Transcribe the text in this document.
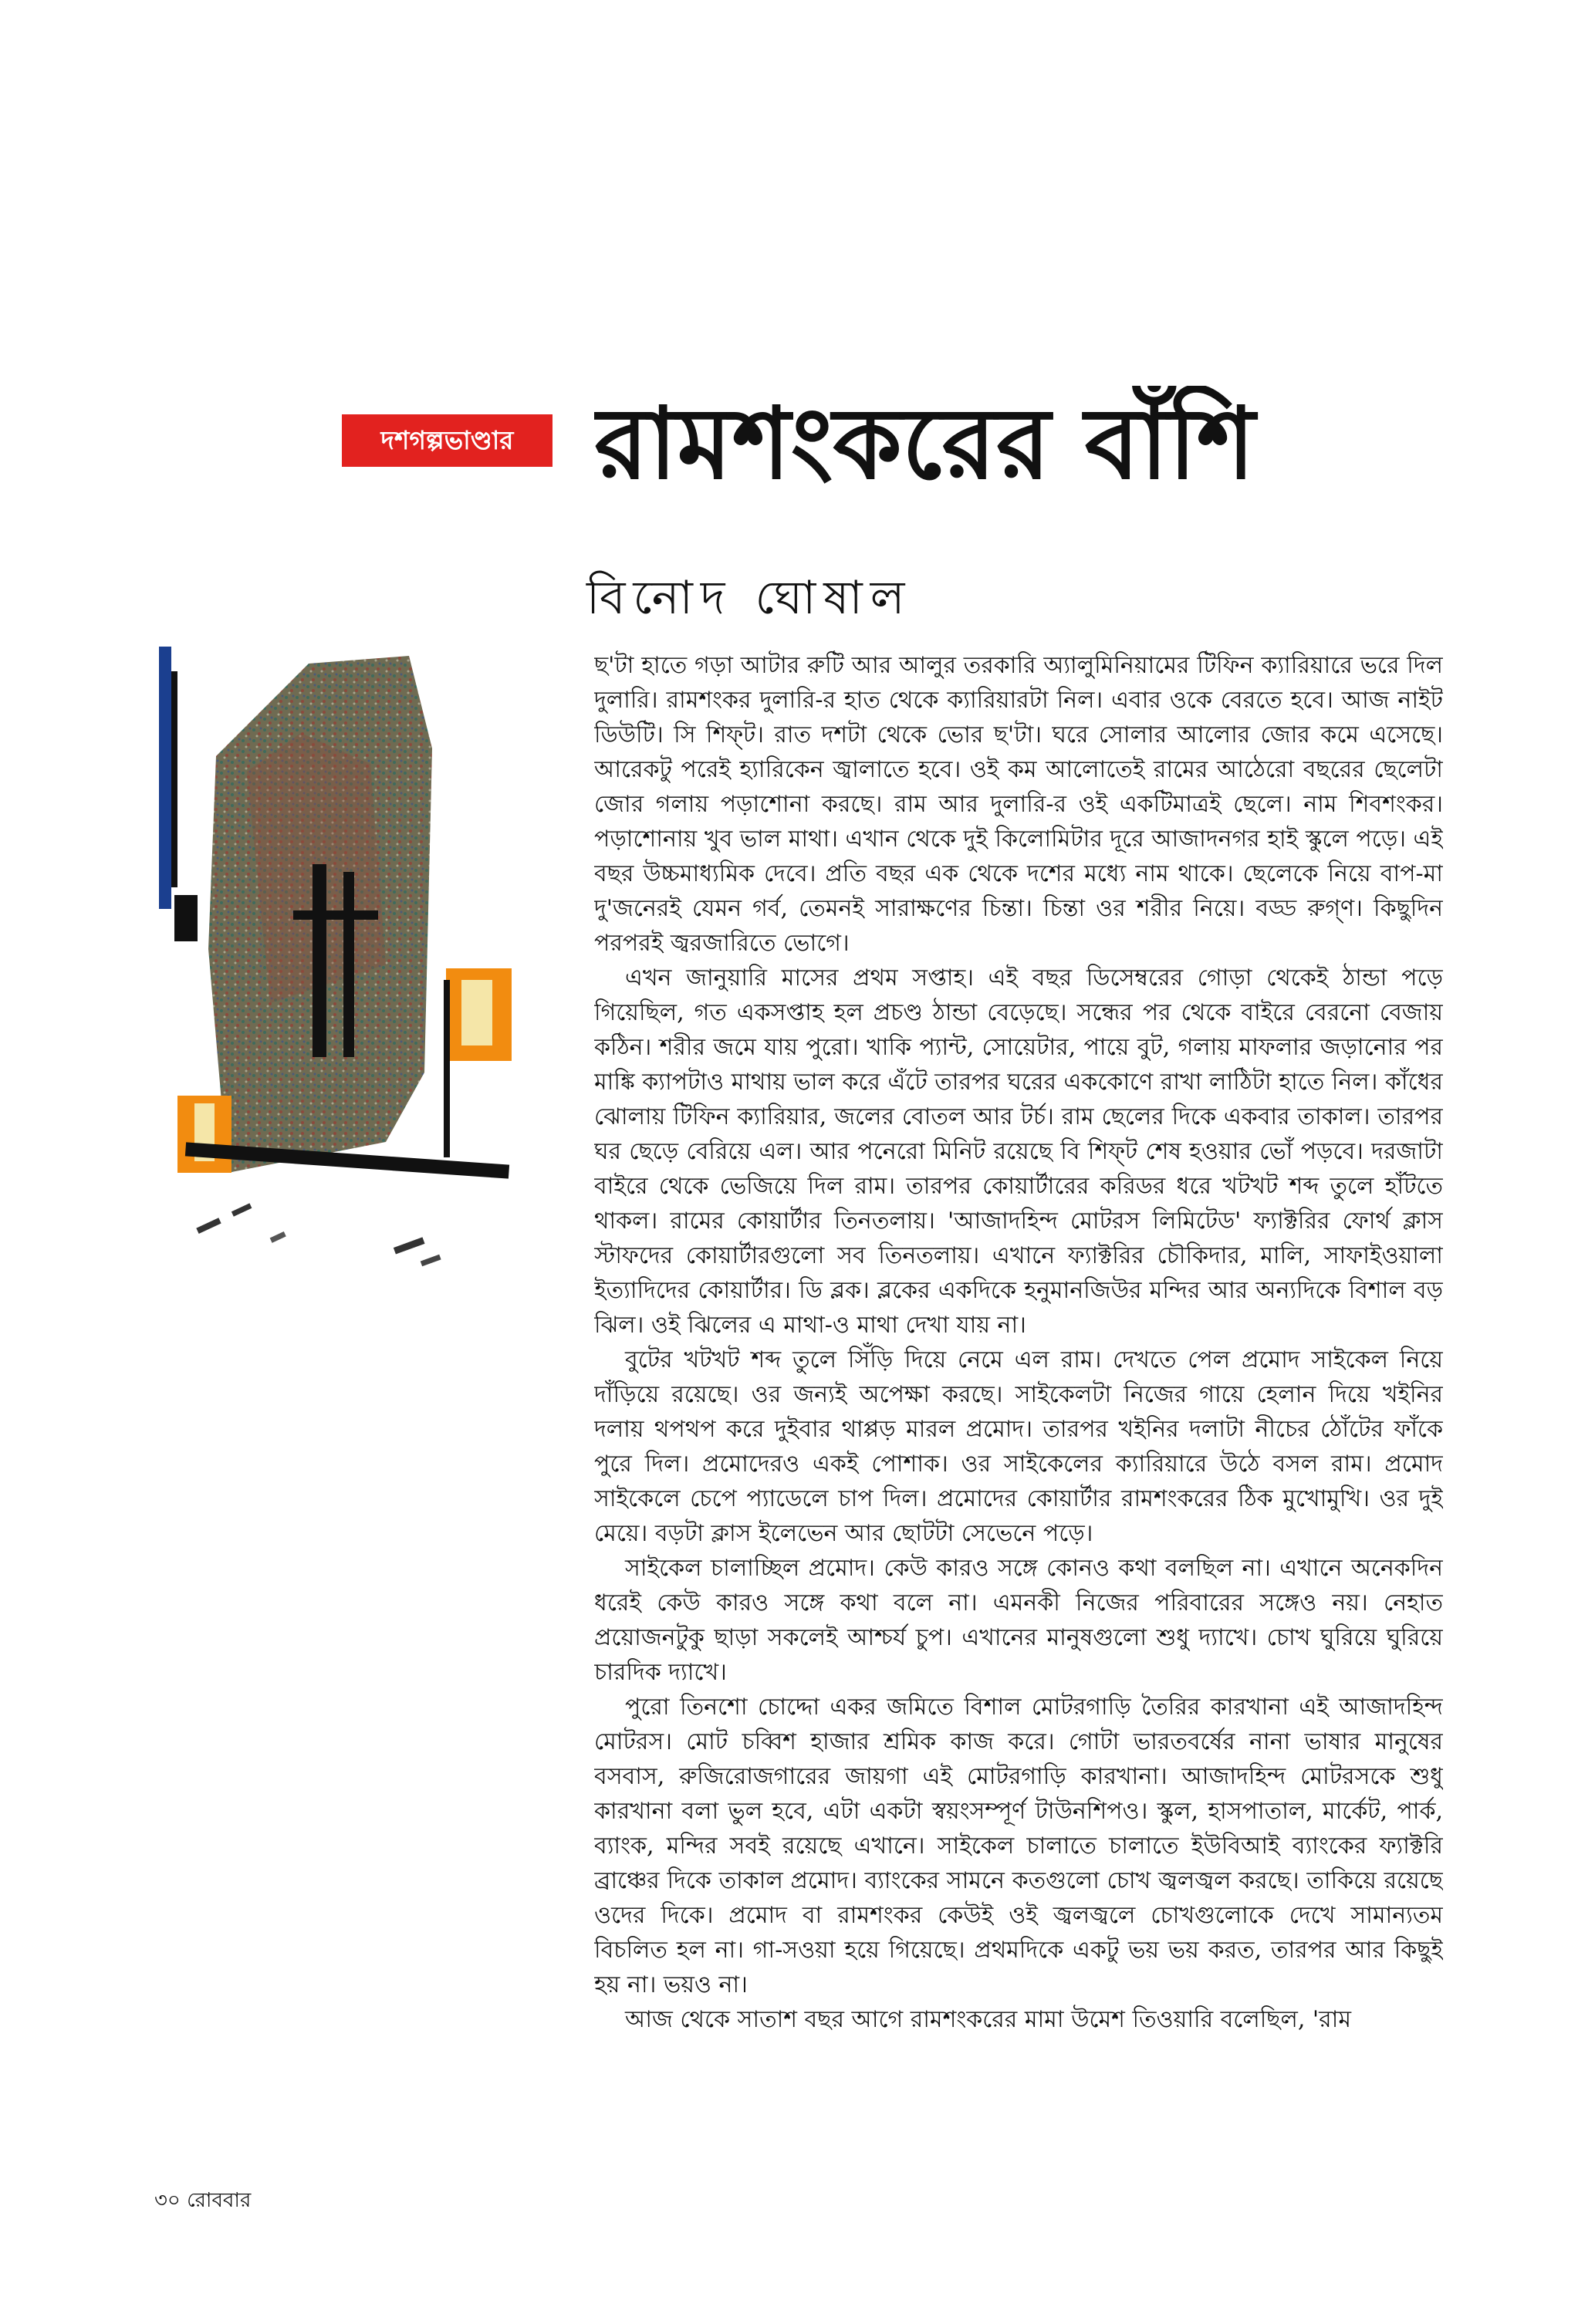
দশগল্পভাণ্ডার রামশংকরের বাঁশি
বিনোদ ঘোষাল

ছ'টা হাতে গড়া আটার রুটি আর আলুর তরকারি অ্যালুমিনিয়ামের টিফিন ক্যারিয়ারে ভরে দিল দুলারি। রামশংকর দুলারি-র হাত থেকে ক্যারিয়ারটা নিল। এবার ওকে বেরতে হবে। আজ নাইট ডিউটি। সি শিফ্‌ট। রাত দশটা থেকে ভোর ছ'টা। ঘরে সোলার আলোর জোর কমে এসেছে। আরেকটু পরেই হ্যারিকেন জ্বালাতে হবে। ওই কম আলোতেই রামের আঠেরো বছরের ছেলেটা জোর গলায় পড়াশোনা করছে। রাম আর দুলারি-র ওই একটিমাত্রই ছেলে। নাম শিবশংকর। পড়াশোনায় খুব ভাল মাথা। এখান থেকে দুই কিলোমিটার দূরে আজাদনগর হাই স্কুলে পড়ে। এই বছর উচ্চমাধ্যমিক দেবে। প্রতি বছর এক থেকে দশের মধ্যে নাম থাকে। ছেলেকে নিয়ে বাপ-মা দু'জনেরই যেমন গর্ব, তেমনই সারাক্ষণের চিন্তা। চিন্তা ওর শরীর নিয়ে। বড্ড রুগ্‌ণ। কিছুদিন পরপরই জ্বরজারিতে ভোগে।

এখন জানুয়ারি মাসের প্রথম সপ্তাহ। এই বছর ডিসেম্বরের গোড়া থেকেই ঠান্ডা পড়ে গিয়েছিল, গত একসপ্তাহ হল প্রচণ্ড ঠান্ডা বেড়েছে। সন্ধের পর থেকে বাইরে বেরনো বেজায় কঠিন। শরীর জমে যায় পুরো। খাকি প্যান্ট, সোয়েটার, পায়ে বুট, গলায় মাফলার জড়ানোর পর মাঙ্কি ক্যাপটাও মাথায় ভাল করে এঁটে তারপর ঘরের এককোণে রাখা লাঠিটা হাতে নিল। কাঁধের ঝোলায় টিফিন ক্যারিয়ার, জলের বোতল আর টর্চ। রাম ছেলের দিকে একবার তাকাল। তারপর ঘর ছেড়ে বেরিয়ে এল। আর পনেরো মিনিট রয়েছে বি শিফ্‌ট শেষ হওয়ার ভোঁ পড়বে। দরজাটা বাইরে থেকে ভেজিয়ে দিল রাম। তারপর কোয়ার্টারের করিডর ধরে খটখট শব্দ তুলে হাঁটতে থাকল। রামের কোয়ার্টার তিনতলায়। 'আজাদহিন্দ মোটরস লিমিটেড' ফ্যাক্টরির ফোর্থ ক্লাস স্টাফদের কোয়ার্টারগুলো সব তিনতলায়। এখানে ফ্যাক্টরির চৌকিদার, মালি, সাফাইওয়ালা ইত্যাদিদের কোয়ার্টার। ডি ব্লক। ব্লকের একদিকে হনুমানজিউর মন্দির আর অন্যদিকে বিশাল বড় ঝিল। ওই ঝিলের এ মাথা-ও মাথা দেখা যায় না।

বুটের খটখট শব্দ তুলে সিঁড়ি দিয়ে নেমে এল রাম। দেখতে পেল প্রমোদ সাইকেল নিয়ে দাঁড়িয়ে রয়েছে। ওর জন্যই অপেক্ষা করছে। সাইকেলটা নিজের গায়ে হেলান দিয়ে খইনির দলায় থপথপ করে দুইবার থাপ্পড় মারল প্রমোদ। তারপর খইনির দলাটা নীচের ঠোঁটের ফাঁকে পুরে দিল। প্রমোদেরও একই পোশাক। ওর সাইকেলের ক্যারিয়ারে উঠে বসল রাম। প্রমোদ সাইকেলে চেপে প্যাডেলে চাপ দিল। প্রমোদের কোয়ার্টার রামশংকরের ঠিক মুখোমুখি। ওর দুই মেয়ে। বড়টা ক্লাস ইলেভেন আর ছোটটা সেভেনে পড়ে।

সাইকেল চালাচ্ছিল প্রমোদ। কেউ কারও সঙ্গে কোনও কথা বলছিল না। এখানে অনেকদিন ধরেই কেউ কারও সঙ্গে কথা বলে না। এমনকী নিজের পরিবারের সঙ্গেও নয়। নেহাত প্রয়োজনটুকু ছাড়া সকলেই আশ্চর্য চুপ। এখানের মানুষগুলো শুধু দ্যাখে। চোখ ঘুরিয়ে ঘুরিয়ে চারদিক দ্যাখে।

পুরো তিনশো চোদ্দো একর জমিতে বিশাল মোটরগাড়ি তৈরির কারখানা এই আজাদহিন্দ মোটরস। মোট চব্বিশ হাজার শ্রমিক কাজ করে। গোটা ভারতবর্ষের নানা ভাষার মানুষের বসবাস, রুজিরোজগারের জায়গা এই মোটরগাড়ি কারখানা। আজাদহিন্দ মোটরসকে শুধু কারখানা বলা ভুল হবে, এটা একটা স্বয়ংসম্পূর্ণ টাউনশিপও। স্কুল, হাসপাতাল, মার্কেট, পার্ক, ব্যাংক, মন্দির সবই রয়েছে এখানে। সাইকেল চালাতে চালাতে ইউবিআই ব্যাংকের ফ্যাক্টরি ব্রাঞ্চের দিকে তাকাল প্রমোদ। ব্যাংকের সামনে কতগুলো চোখ জ্বলজ্বল করছে। তাকিয়ে রয়েছে ওদের দিকে। প্রমোদ বা রামশংকর কেউই ওই জ্বলজ্বলে চোখগুলোকে দেখে সামান্যতম বিচলিত হল না। গা-সওয়া হয়ে গিয়েছে। প্রথমদিকে একটু ভয় ভয় করত, তারপর আর কিছুই হয় না। ভয়ও না।

আজ থেকে সাতাশ বছর আগে রামশংকরের মামা উমেশ তিওয়ারি বলেছিল, 'রাম

৩০ রোববার
